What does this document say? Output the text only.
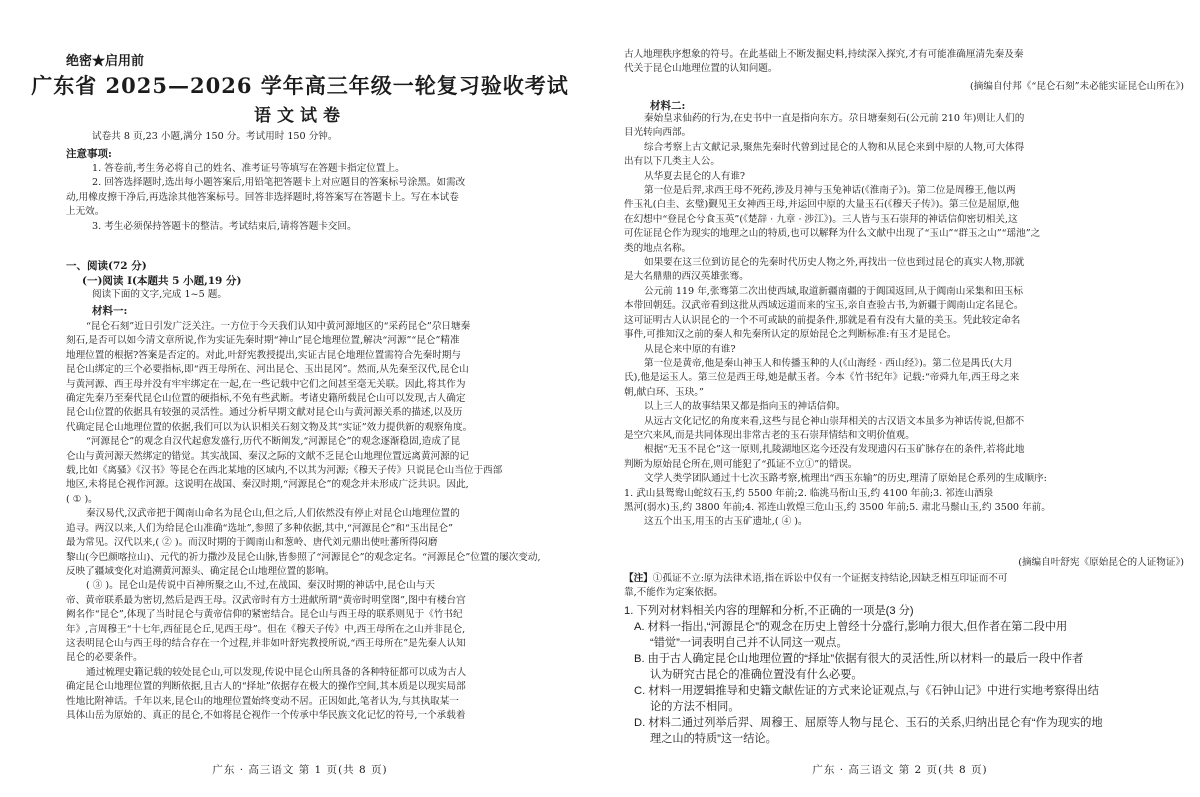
绝密★启用前
广东省 2025—2026 学年高三年级一轮复习验收考试
语文试卷
试卷共 8 页,23 小题,满分 150 分。考试用时 150 分钟。
注意事项:
1. 答卷前,考生务必将自己的姓名、准考证号等填写在答题卡指定位置上。
2. 回答选择题时,选出每小题答案后,用铅笔把答题卡上对应题目的答案标号涂黑。如需改
动,用橡皮擦干净后,再选涂其他答案标号。回答非选择题时,将答案写在答题卡上。写在本试卷
上无效。
3. 考生必须保持答题卡的整洁。考试结束后,请将答题卡交回。
一、阅读(72 分)
(一)阅读 I(本题共 5 小题,19 分)
阅读下面的文字,完成 1~5 题。
材料一:
“昆仑石刻”近日引发广泛关注。一方位于今天我们认知中黄河源地区的“采药昆仑”尕日塘秦
刻石,是否可以如今清文章所说,作为实证先秦时期“神山”昆仑地理位置,解决“河源”“昆仑”精准
地理位置的根据?答案是否定的。对此,叶舒宪教授提出,实证古昆仑地理位置需符合先秦时期与
昆仑山绑定的三个必要指标,即“西王母所在、河出昆仑、玉出昆冈”。然而,从先秦至汉代,昆仑山
与黄河源、西王母并没有牢牢绑定在一起,在一些记载中它们之间甚至毫无关联。因此,将其作为
确定先秦乃至秦代昆仑山位置的硬指标,不免有些武断。考诸史籍所载昆仑山可以发现,古人确定
昆仑山位置的依据具有较强的灵活性。通过分析早期文献对昆仑山与黄河源关系的描述,以及历
代确定昆仑山地理位置的依据,我们可以为认识相关石刻文物及其“实证”效力提供新的观察角度。
“河源昆仑”的观念自汉代起愈发盛行,历代不断阐发,“河源昆仑”的观念逐渐稳固,造成了昆
仑山与黄河源天然绑定的错觉。其实战国、秦汉之际的文献不乏昆仑山地理位置远离黄河源的记
载,比如《离骚》《汉书》等昆仑在西北某地的区域内,不以其为河源;《穆天子传》只说昆仑山当位于西部
地区,未将昆仑视作河源。这说明在战国、秦汉时期,“河源昆仑”的观念并未形成广泛共识。因此,
( ① )。
秦汉易代,汉武帝把于阗南山命名为昆仑山,但之后,人们依然没有停止对昆仑山地理位置的
追寻。两汉以来,人们为给昆仑山准确“选址”,参照了多种依据,其中,“河源昆仑”和“玉出昆仑”
最为常见。汉代以来,( ② )。而汉时期的于阗南山和葱岭、唐代刘元鼎出使吐蕃所得闷磨
黎山(今巴颜喀拉山)、元代的祈力撒沙及昆仑山脉,皆参照了“河源昆仑”的观念定名。“河源昆仑”位置的屡次变动,
反映了疆域变化对追溯黄河源头、确定昆仑山地理位置的影响。
( ③ )。昆仑山是传说中百神所聚之山,不过,在战国、秦汉时期的神话中,昆仑山与天
帝、黄帝联系最为密切,然后是西王母。汉武帝时有方士进献所谓“黄帝时明堂图”,图中有楼台宫
阙名作“昆仑”,体现了当时昆仑与黄帝信仰的紧密结合。昆仑山与西王母的联系则见于《竹书纪
年》,言周穆王“十七年,西征昆仑丘,见西王母”。但在《穆天子传》中,西王母所在之山并非昆仑,
这表明昆仑山与西王母的结合存在一个过程,并非如叶舒宪教授所说,“西王母所在”是先秦人认知
昆仑的必要条件。
通过梳理史籍记载的较处昆仑山,可以发现,传说中昆仑山所具备的各种特征都可以成为古人
确定昆仑山地理位置的判断依据,且古人的“择址”依据存在极大的操作空间,其本质是以现实局部
性地比附神话。千年以来,昆仑山的地理位置始终变动不居。正因如此,笔者认为,与其执取某一
具体山岳为原始的、真正的昆仑,不如将昆仑视作一个传承中华民族文化记忆的符号,一个承载着
广东 · 高三语文 第 1 页(共 8 页)
古人地理秩序想象的符号。在此基础上不断发掘史料,持续深入探究,才有可能准确厘清先秦及秦
代关于昆仑山地理位置的认知问题。
(摘编自付邦《“昆仑石刻”未必能实证昆仑山所在》)
材料二:
秦始皇求仙药的行为,在史书中一直是指向东方。尕日塘秦刻石(公元前 210 年)则让人们的
目光转向西部。
综合考察上古文献记录,聚焦先秦时代曾到过昆仑的人物和从昆仑来到中原的人物,可大体得
出有以下几类主人公。
从华夏去昆仑的人有谁?
第一位是后羿,求西王母不死药,涉及月神与玉兔神话(《淮南子》)。第二位是周穆王,他以两
件玉礼(白圭、玄璧)觐见王女神西王母,并运回中原的大量玉石(《穆天子传》)。第三位是屈原,他
在幻想中“登昆仑兮食玉英”(《楚辞 · 九章 · 涉江》)。三人皆与玉石崇拜的神话信仰密切相关,这
可佐证昆仑作为现实的地理之山的特质,也可以解释为什么文献中出现了“玉山”“群玉之山”“瑶池”之
类的地点名称。
如果要在这三位到访昆仑的先秦时代历史人物之外,再找出一位也到过昆仑的真实人物,那就
是大名鼎鼎的西汉英雄张骞。
公元前 119 年,张骞第二次出使西域,取道新疆南疆的于阗国返回,从于阗南山采集和田玉标
本带回朝廷。汉武帝看到这批从西域远道而来的宝玉,亲自查验古书,为新疆于阗南山定名昆仑。
这可证明古人认识昆仑的一个不可或缺的前提条件,那就是看有没有大量的美玉。凭此较定命名
事件,可推知汉之前的秦人和先秦所认定的原始昆仑之判断标准:有玉才是昆仑。
从昆仑来中原的有谁?
第一位是黄帝,他是秦山神玉人和传播玉种的人(《山海经 · 西山经》)。第二位是禺氏(大月
氏),他是运玉人。第三位是西王母,她是献玉者。今本《竹书纪年》记载:“帝舜九年,西王母之来
朝,献白环、玉玦。”
以上三人的故事结果又都是指向玉的神话信仰。
从远古文化记忆的角度来看,这些与昆仑神山崇拜相关的古汉语文本虽多为神话传说,但都不
是空穴来风,而是共同体现出非常古老的玉石崇拜情结和文明价值观。
根据“无玉不昆仑”这一原则,扎陵湖地区迄今还没有发现遗闪石玉矿脉存在的条件,若将此地
判断为原始昆仑所在,则可能犯了“孤证不立①”的错误。
文学人类学团队通过十七次玉路考察,梳理出“西玉东输”的历史,理清了原始昆仑系列的生成顺序:
1. 武山县鸳鸯山蛇纹石玉,约 5500 年前;2. 临洮马衔山玉,约 4100 年前;3. 祁连山酒泉
黑河(弱水)玉,约 3800 年前;4. 祁连山敦煌三危山玉,约 3500 年前;5. 肃北马鬃山玉,约 3500 年前。
这五个出玉,用玉的古玉矿遗址,( ④ )。
(摘编自叶舒宪《原始昆仑的人证物证》)
【注】①孤证不立:原为法律术语,指在诉讼中仅有一个证据支持结论,因缺乏相互印证而不可
靠,不能作为定案依据。
1. 下列对材料相关内容的理解和分析,不正确的一项是(3 分)
A. 材料一指出,“河源昆仑”的观念在历史上曾经十分盛行,影响力很大,但作者在第二段中用
“错觉”一词表明自己并不认同这一观点。
B. 由于古人确定昆仑山地理位置的“择址”依据有很大的灵活性,所以材料一的最后一段中作者
认为研究古昆仑的准确位置没有什么必要。
C. 材料一用逻辑推导和史籍文献佐证的方式来论证观点,与《石钟山记》中进行实地考察得出结
论的方法不相同。
D. 材料二通过列举后羿、周穆王、屈原等人物与昆仑、玉石的关系,归纳出昆仑有“作为现实的地
理之山的特质”这一结论。
广东 · 高三语文 第 2 页(共 8 页)
